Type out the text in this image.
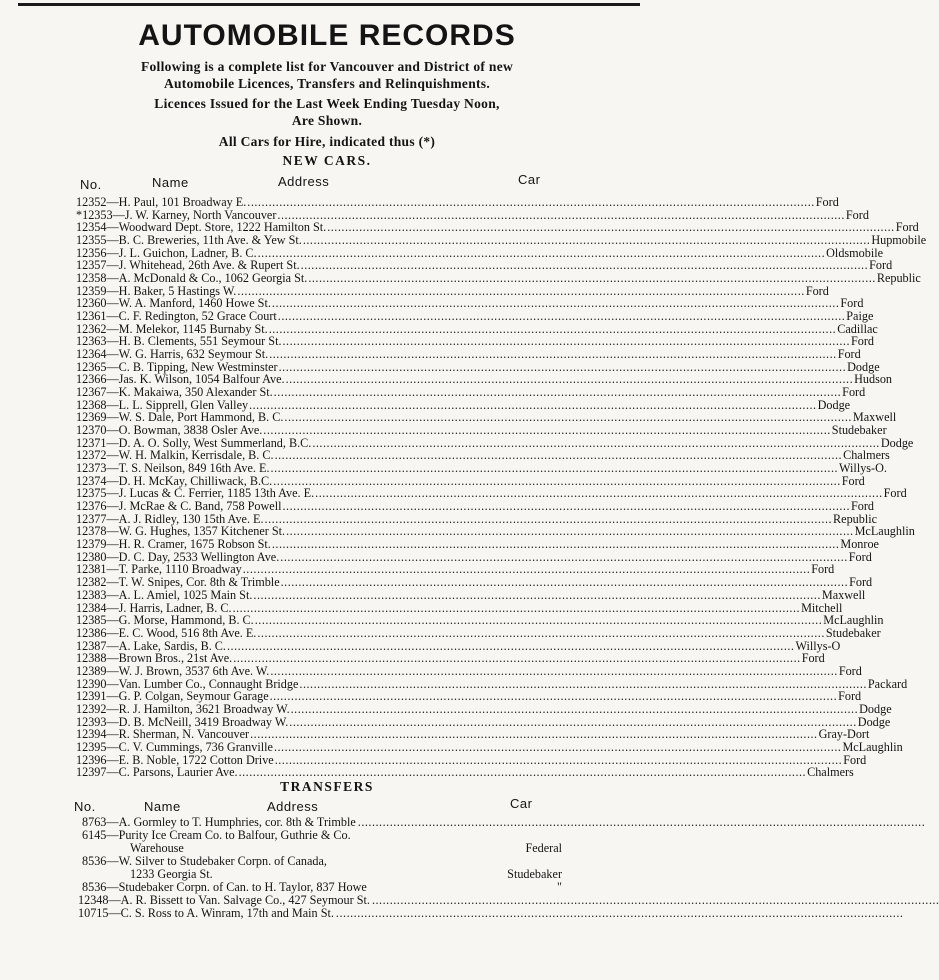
AUTOMOBILE RECORDS
Following is a complete list for Vancouver and District of new
Automobile Licences, Transfers and Relinquishments.
Licences Issued for the Last Week Ending Tuesday Noon,
Are Shown.
All Cars for Hire, indicated thus (*)
NEW CARS.
No.	Name	Address	Car
12352—H. Paul, 101 Broadway E. ................................................................................................................................................................ Ford
*12353—J. W. Karney, North Vancouver ................................................................................................................................................................ Ford
12354—Woodward Dept. Store, 1222 Hamilton St. ................................................................................................................................................................ Ford
12355—B. C. Breweries, 11th Ave. & Yew St. ................................................................................................................................................................ Hupmobile
12356—J. L. Guichon, Ladner, B. C. ................................................................................................................................................................ Oldsmobile
12357—J. Whitehead, 26th Ave. & Rupert St. ................................................................................................................................................................ Ford
12358—A. McDonald & Co., 1062 Georgia St. ................................................................................................................................................................ Republic
12359—H. Baker, 5 Hastings W. ................................................................................................................................................................ Ford
12360—W. A. Manford, 1460 Howe St. ................................................................................................................................................................ Ford
12361—C. F. Redington, 52 Grace Court ................................................................................................................................................................ Paige
12362—M. Melekor, 1145 Burnaby St. ................................................................................................................................................................ Cadillac
12363—H. B. Clements, 551 Seymour St. ................................................................................................................................................................ Ford
12364—W. G. Harris, 632 Seymour St. ................................................................................................................................................................ Ford
12365—C. B. Tipping, New Westminster ................................................................................................................................................................ Dodge
12366—Jas. K. Wilson, 1054 Balfour Ave. ................................................................................................................................................................ Hudson
12367—K. Makaiwa, 350 Alexander St. ................................................................................................................................................................ Ford
12368—L. L. Sipprell, Glen Valley ................................................................................................................................................................ Dodge
12369—W. S. Dale, Port Hammond, B. C. ................................................................................................................................................................ Maxwell
12370—O. Bowman, 3838 Osler Ave. ................................................................................................................................................................ Studebaker
12371—D. A. O. Solly, West Summerland, B.C. ................................................................................................................................................................ Dodge
12372—W. H. Malkin, Kerrisdale, B. C. ................................................................................................................................................................ Chalmers
12373—T. S. Neilson, 849 16th Ave. E. ................................................................................................................................................................ Willys-O.
12374—D. H. McKay, Chilliwack, B.C. ................................................................................................................................................................ Ford
12375—J. Lucas & C. Ferrier, 1185 13th Ave. E. ................................................................................................................................................................ Ford
12376—J. McRae & C. Band, 758 Powell ................................................................................................................................................................ Ford
12377—A. J. Ridley, 130 15th Ave. E. ................................................................................................................................................................ Republic
12378—W. G. Hughes, 1357 Kitchener St. ................................................................................................................................................................ McLaughlin
12379—H. R. Cramer, 1675 Robson St. ................................................................................................................................................................ Monroe
12380—D. C. Day, 2533 Wellington Ave. ................................................................................................................................................................ Ford
12381—T. Parke, 1110 Broadway ................................................................................................................................................................ Ford
12382—T. W. Snipes, Cor. 8th & Trimble ................................................................................................................................................................ Ford
12383—A. L. Amiel, 1025 Main St. ................................................................................................................................................................ Maxwell
12384—J. Harris, Ladner, B. C. ................................................................................................................................................................ Mitchell
12385—G. Morse, Hammond, B. C. ................................................................................................................................................................ McLaughlin
12386—E. C. Wood, 516 8th Ave. E. ................................................................................................................................................................ Studebaker
12387—A. Lake, Sardis, B. C. ................................................................................................................................................................ Willys-O
12388—Brown Bros., 21st Ave. ................................................................................................................................................................ Ford
12389—W. J. Brown, 3537 6th Ave. W. ................................................................................................................................................................ Ford
12390—Van. Lumber Co., Connaught Bridge ................................................................................................................................................................ Packard
12391—G. P. Colgan, Seymour Garage ................................................................................................................................................................ Ford
12392—R. J. Hamilton, 3621 Broadway W. ................................................................................................................................................................ Dodge
12393—D. B. McNeill, 3419 Broadway W. ................................................................................................................................................................ Dodge
12394—R. Sherman, N. Vancouver ................................................................................................................................................................ Gray-Dort
12395—C. V. Cummings, 736 Granville ................................................................................................................................................................ McLaughlin
12396—E. B. Noble, 1722 Cotton Drive ................................................................................................................................................................ Ford
12397—C. Parsons, Laurier Ave. ................................................................................................................................................................ Chalmers
TRANSFERS
No.	Name	Address	Car
8763—A. Gormley to T. Humphries, cor. 8th & Trimble ................................................................................................................................................................
6145—Purity Ice Cream Co. to Balfour, Guthrie & Co.
Warehouse	Federal
8536—W. Silver to Studebaker Corpn. of Canada,
1233 Georgia St.	Studebaker
8536—Studebaker Corpn. of Can. to H. Taylor, 837 Howe	"
12348—A. R. Bissett to Van. Salvage Co., 427 Seymour St. ................................................................................................................................................................
10715—C. S. Ross to A. Winram, 17th and Main St. ................................................................................................................................................................
